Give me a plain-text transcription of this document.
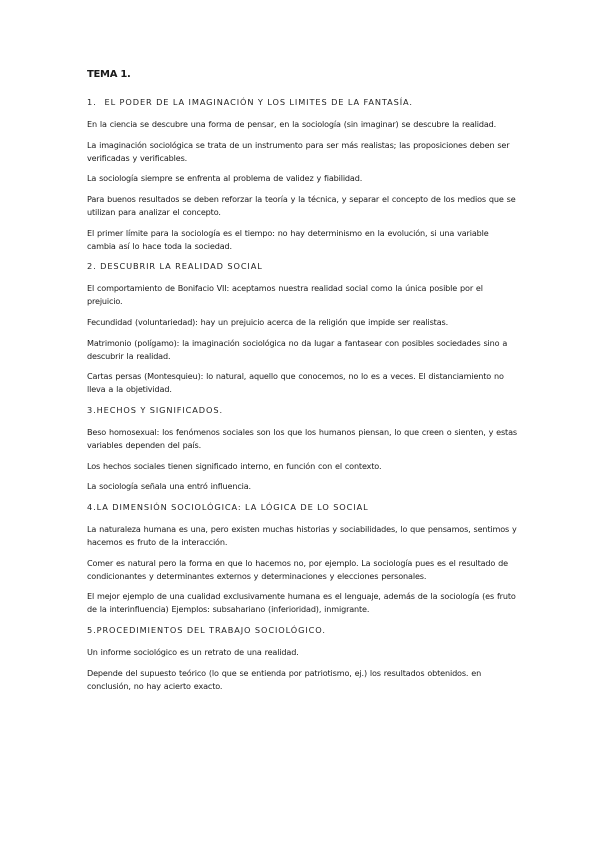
TEMA 1.
1. EL PODER DE LA IMAGINACIÓN Y LOS LIMITES DE LA FANTASÍA.

En la ciencia se descubre una forma de pensar, en la sociología (sin imaginar) se descubre la realidad.

La imaginación sociológica se trata de un instrumento para ser más realistas; las proposiciones deben ser verificadas y verificables.

La sociología siempre se enfrenta al problema de validez y fiabilidad.

Para buenos resultados se deben reforzar la teoría y la técnica, y separar el concepto de los medios que se utilizan para analizar el concepto.

El primer límite para la sociología es el tiempo: no hay determinismo en la evolución, si una variable cambia así lo hace toda la sociedad.

2. DESCUBRIR LA REALIDAD SOCIAL

El comportamiento de Bonifacio VII: aceptamos nuestra realidad social como la única posible por el prejuicio.

Fecundidad (voluntariedad): hay un prejuicio acerca de la religión que impide ser realistas.

Matrimonio (polígamo): la imaginación sociológica no da lugar a fantasear con posibles sociedades sino a descubrir la realidad.

Cartas persas (Montesquieu): lo natural, aquello que conocemos, no lo es a veces. El distanciamiento no lleva a la objetividad.

3.HECHOS Y SIGNIFICADOS.

Beso homosexual: los fenómenos sociales son los que los humanos piensan, lo que creen o sienten, y estas variables dependen del país.

Los hechos sociales tienen significado interno, en función con el contexto.

La sociología señala una entró influencia.

4.LA DIMENSIÓN SOCIOLÓGICA: LA LÓGICA DE LO SOCIAL

La naturaleza humana es una, pero existen muchas historias y sociabilidades, lo que pensamos, sentimos y hacemos es fruto de la interacción.

Comer es natural pero la forma en que lo hacemos no, por ejemplo. La sociología pues es el resultado de condicionantes y determinantes externos y determinaciones y elecciones personales.

El mejor ejemplo de una cualidad exclusivamente humana es el lenguaje, además de la sociología (es fruto de la interinfluencia) Ejemplos: subsahariano (inferioridad), inmigrante.

5.PROCEDIMIENTOS DEL TRABAJO SOCIOLÓGICO.

Un informe sociológico es un retrato de una realidad.

Depende del supuesto teórico (lo que se entienda por patriotismo, ej.) los resultados obtenidos. en conclusión, no hay acierto exacto.
